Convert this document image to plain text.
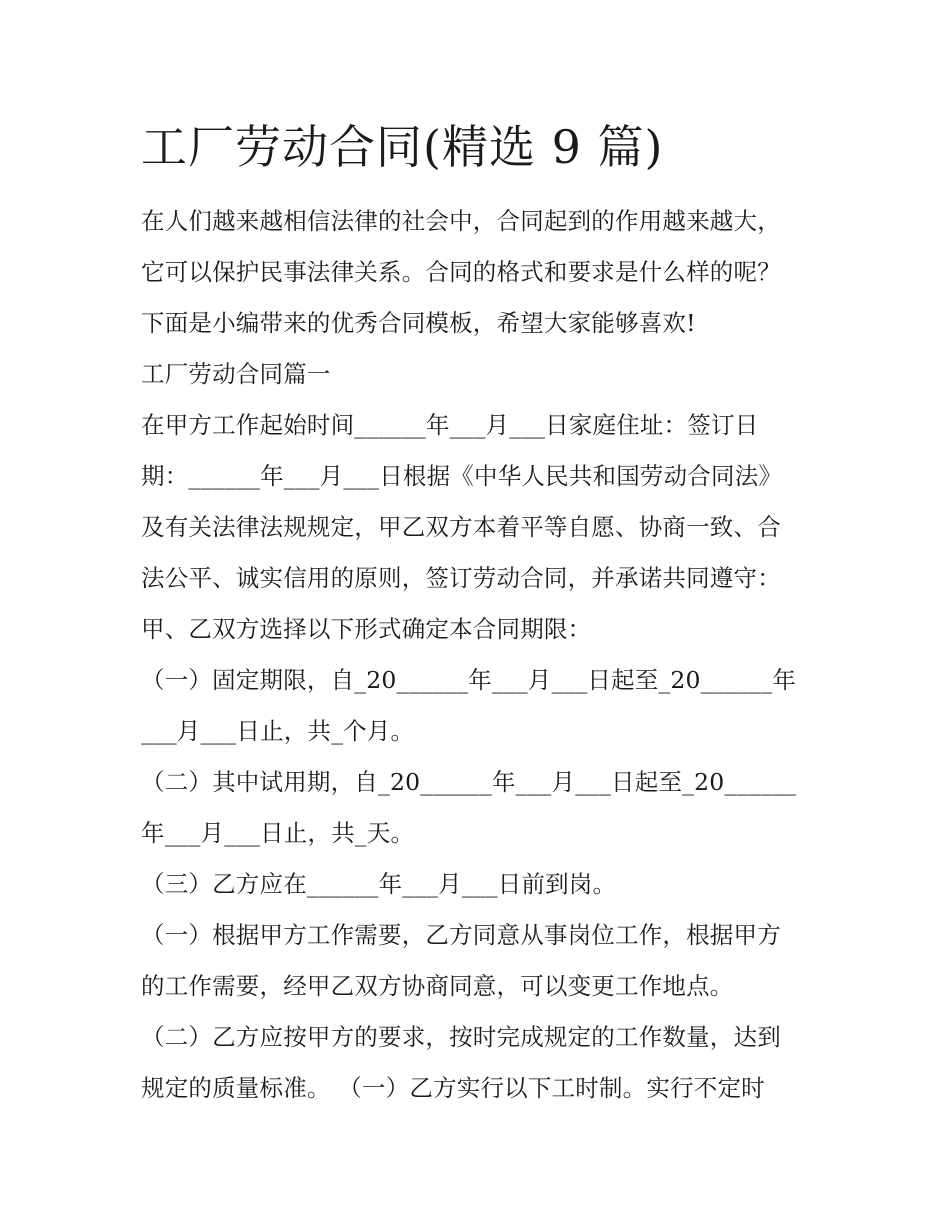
工厂劳动合同(精选 9 篇)
在人们越来越相信法律的社会中，合同起到的作用越来越大，
它可以保护民事法律关系。合同的格式和要求是什么样的呢？
下面是小编带来的优秀合同模板，希望大家能够喜欢!
工厂劳动合同篇一
在甲方工作起始时间______年___月___日家庭住址：签订日
期：______年___月___日根据《中华人民共和国劳动合同法》
及有关法律法规规定，甲乙双方本着平等自愿、协商一致、合
法公平、诚实信用的原则，签订劳动合同，并承诺共同遵守：
甲、乙双方选择以下形式确定本合同期限：
（一）固定期限，自_20______年___月___日起至_20______年
___月___日止，共_个月。
（二）其中试用期，自_20______年___月___日起至_20______
年___月___日止，共_天。
（三）乙方应在______年___月___日前到岗。
（一）根据甲方工作需要，乙方同意从事岗位工作，根据甲方
的工作需要，经甲乙双方协商同意，可以变更工作地点。
（二）乙方应按甲方的要求，按时完成规定的工作数量，达到
规定的质量标准。 （一）乙方实行以下工时制。实行不定时
